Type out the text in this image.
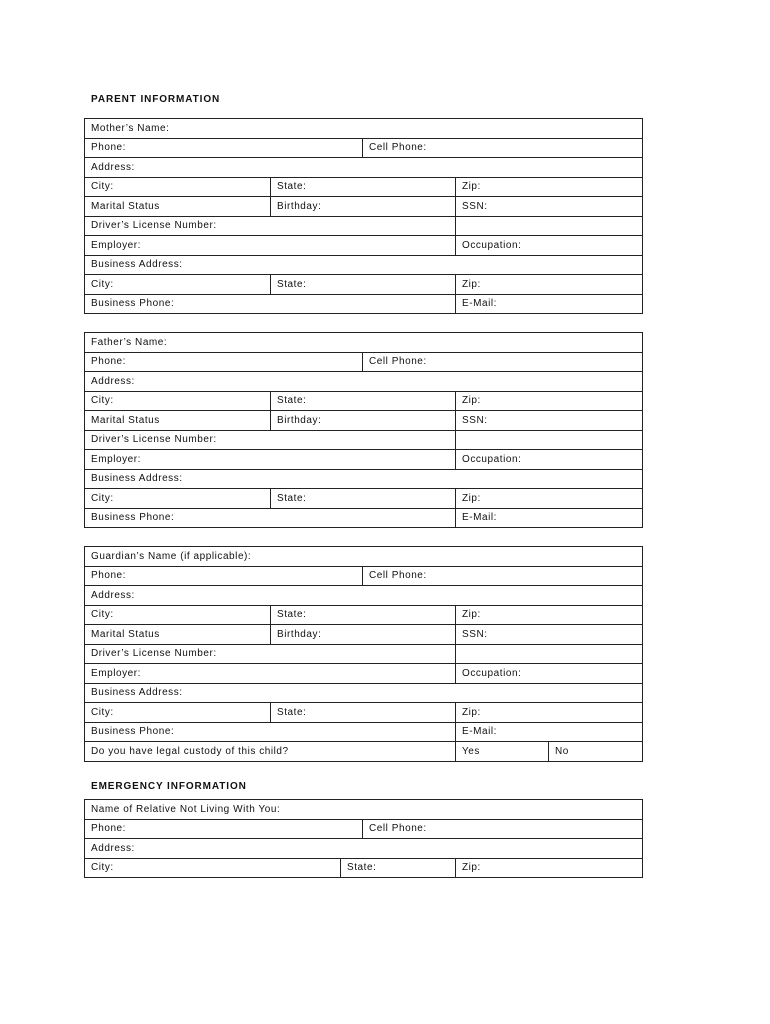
PARENT INFORMATION
Mother’s Name:			
Phone:		Cell Phone:	
Address:			
City:	State:		Zip:
Marital Status	Birthday:		SSN:
Driver’s License Number:			
Employer:			Occupation:
Business Address:			
City:	State:		Zip:
Business Phone:			E-Mail:
Father’s Name:			
Phone:		Cell Phone:	
Address:			
City:	State:		Zip:
Marital Status	Birthday:		SSN:
Driver’s License Number:			
Employer:			Occupation:
Business Address:			
City:	State:		Zip:
Business Phone:			E-Mail:
Guardian’s Name (if applicable):				
Phone:		Cell Phone:		
Address:				
City:	State:		Zip:	
Marital Status	Birthday:		SSN:	
Driver’s License Number:				
Employer:			Occupation:	
Business Address:				
City:	State:		Zip:	
Business Phone:			E-Mail:	
Do you have legal custody of this child?			Yes	No
EMERGENCY INFORMATION
Name of Relative Not Living With You:			
Phone:		Cell Phone:	
Address:			
City:	State:		Zip:
